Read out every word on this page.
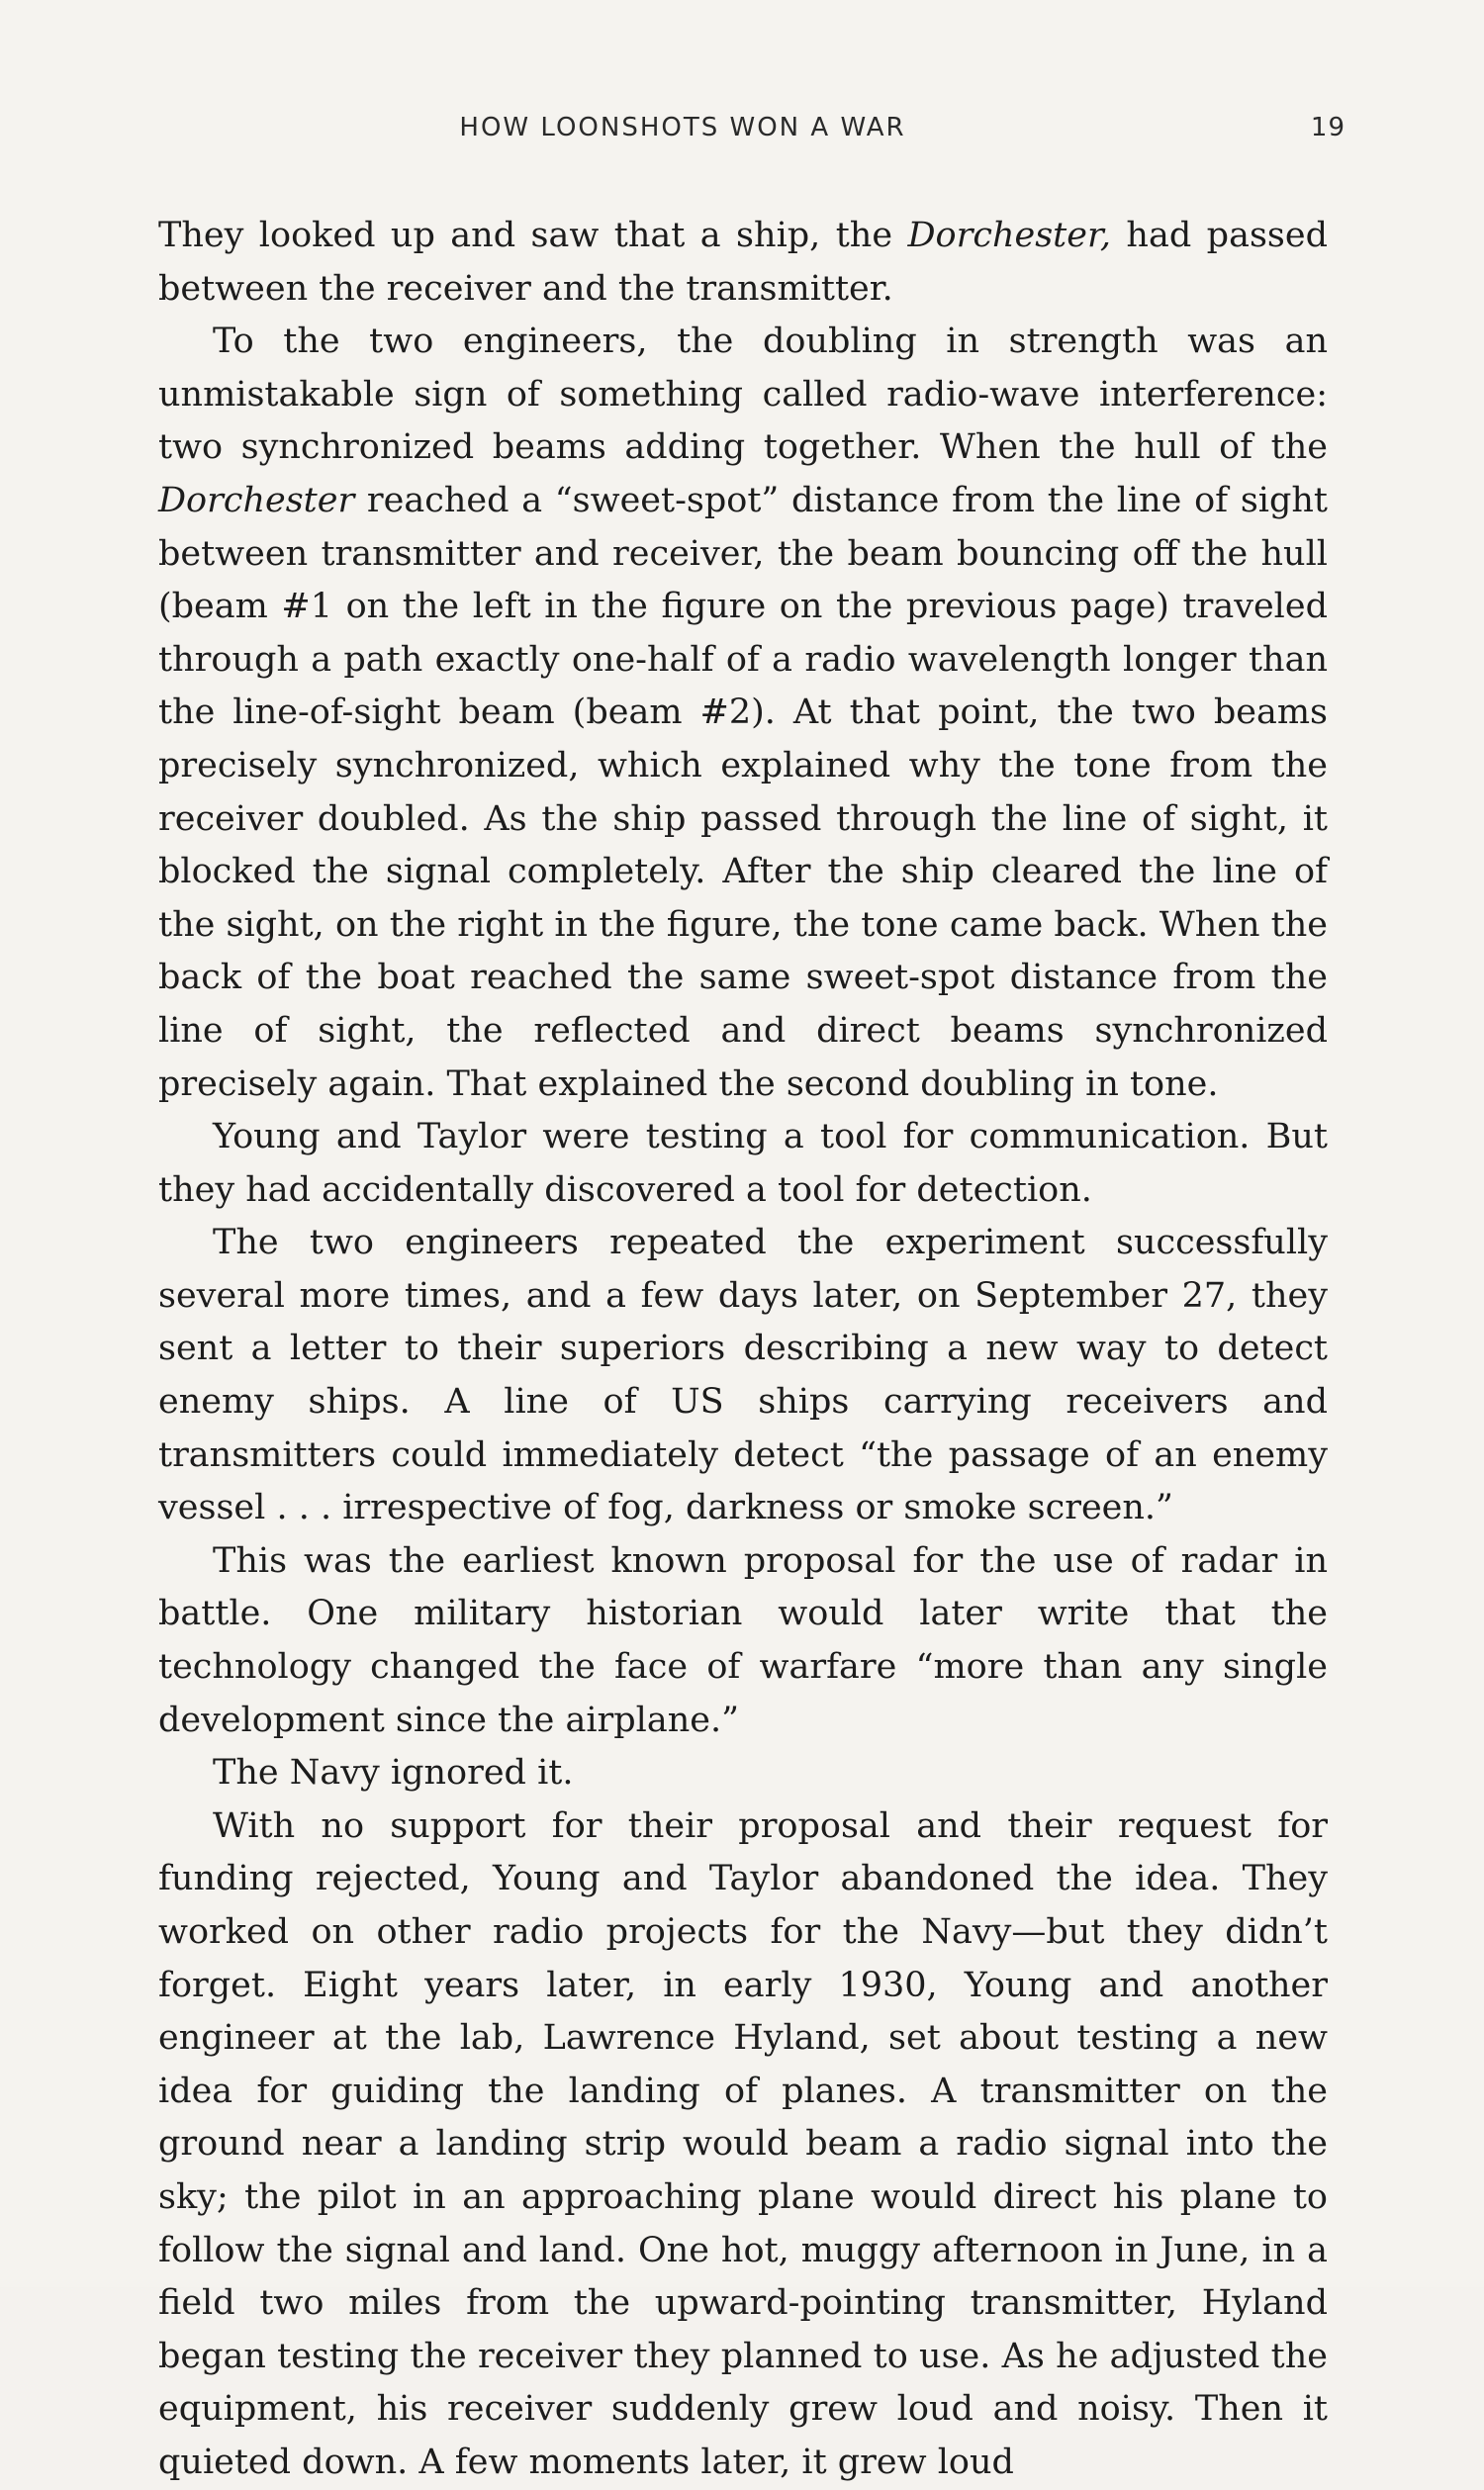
HOW LOONSHOTS WON A WAR	19

They looked up and saw that a ship, the Dorchester, had passed between the receiver and the transmitter.

To the two engineers, the doubling in strength was an unmistakable sign of something called radio-wave interference: two synchronized beams adding together. When the hull of the Dorchester reached a “sweet-spot” distance from the line of sight between transmitter and receiver, the beam bouncing off the hull (beam #1 on the left in the figure on the previous page) traveled through a path exactly one-half of a radio wavelength longer than the line-of-sight beam (beam #2). At that point, the two beams precisely synchronized, which explained why the tone from the receiver doubled. As the ship passed through the line of sight, it blocked the signal completely. After the ship cleared the line of the sight, on the right in the figure, the tone came back. When the back of the boat reached the same sweet-spot distance from the line of sight, the reflected and direct beams synchronized precisely again. That explained the second doubling in tone.

Young and Taylor were testing a tool for communication. But they had accidentally discovered a tool for detection.

The two engineers repeated the experiment successfully several more times, and a few days later, on September 27, they sent a letter to their superiors describing a new way to detect enemy ships. A line of US ships carrying receivers and transmitters could immediately detect “the passage of an enemy vessel . . . irrespective of fog, darkness or smoke screen.”

This was the earliest known proposal for the use of radar in battle. One military historian would later write that the technology changed the face of warfare “more than any single development since the airplane.”

The Navy ignored it.

With no support for their proposal and their request for funding rejected, Young and Taylor abandoned the idea. They worked on other radio projects for the Navy—but they didn’t forget. Eight years later, in early 1930, Young and another engineer at the lab, Lawrence Hyland, set about testing a new idea for guiding the landing of planes. A transmitter on the ground near a landing strip would beam a radio signal into the sky; the pilot in an approaching plane would direct his plane to follow the signal and land. One hot, muggy afternoon in June, in a field two miles from the upward-pointing transmitter, Hyland began testing the receiver they planned to use. As he adjusted the equipment, his receiver suddenly grew loud and noisy. Then it quieted down. A few moments later, it grew loud
